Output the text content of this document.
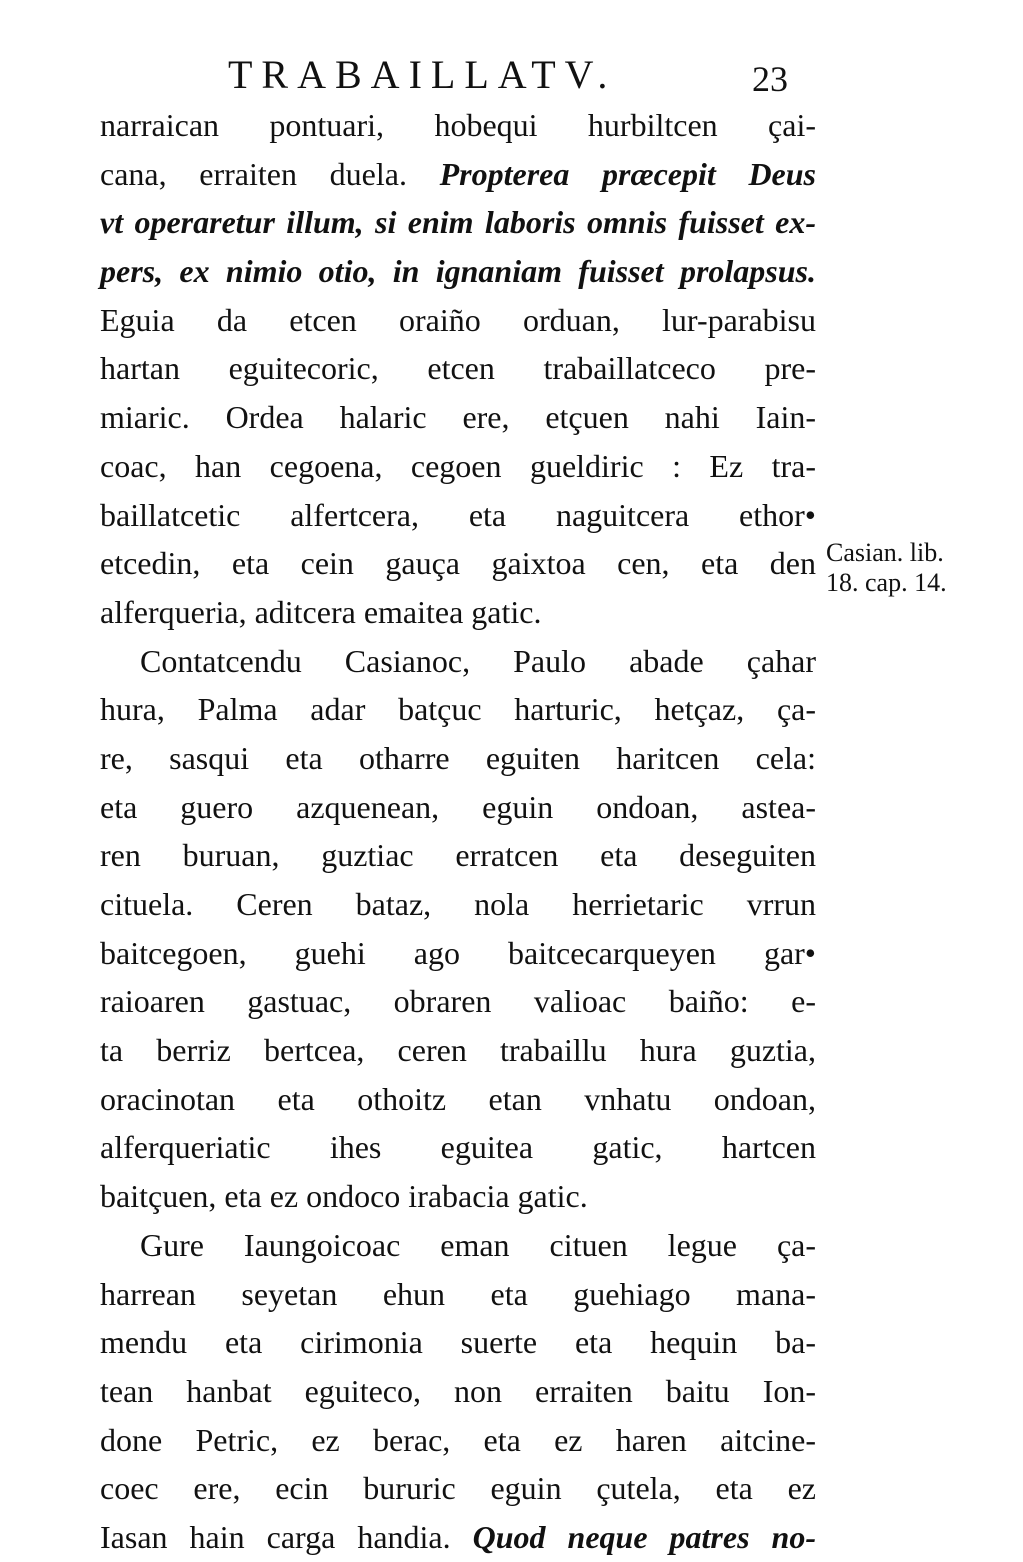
TRABAILLATV.	23
narraican pontuari, hobequi hurbiltcen çai-
cana, erraiten duela. Propterea præcepit Deus
vt operaretur illum, si enim laboris omnis fuisset ex-
pers, ex nimio otio, in ignaniam fuisset prolapsus.
Eguia da etcen oraiño orduan, lur-parabisu
hartan eguitecoric, etcen trabaillatceco pre-
miaric. Ordea halaric ere, etçuen nahi Iain-
coac, han cegoena, cegoen gueldiric : Ez tra-
baillatcetic alfertcera, eta naguitcera ethor•
etcedin, eta cein gauça gaixtoa cen, eta den
alferqueria, aditcera emaitea gatic.
Contatcendu Casianoc, Paulo abade çahar
hura, Palma adar batçuc harturic, hetçaz, ça-
re, sasqui eta otharre eguiten haritcen cela:
eta guero azquenean, eguin ondoan, astea-
ren buruan, guztiac erratcen eta deseguiten
cituela. Ceren bataz, nola herrietaric vrrun
baitcegoen, guehi ago baitcecarqueyen gar•
raioaren gastuac, obraren valioac baiño: e-
ta berriz bertcea, ceren trabaillu hura guztia,
oracinotan eta othoitz etan vnhatu ondoan,
alferqueriatic ihes eguitea gatic, hartcen
baitçuen, eta ez ondoco irabacia gatic.
Gure Iaungoicoac eman cituen legue ça-
harrean seyetan ehun eta guehiago mana-
mendu eta cirimonia suerte eta hequin ba-
tean hanbat eguiteco, non erraiten baitu Ion-
done Petric, ez berac, eta ez haren aitcine-
coec ere, ecin bururic eguin çutela, eta ez
Iasan hain carga handia. Quod neque patres no-
Casian. lib.
18. cap. 14.
